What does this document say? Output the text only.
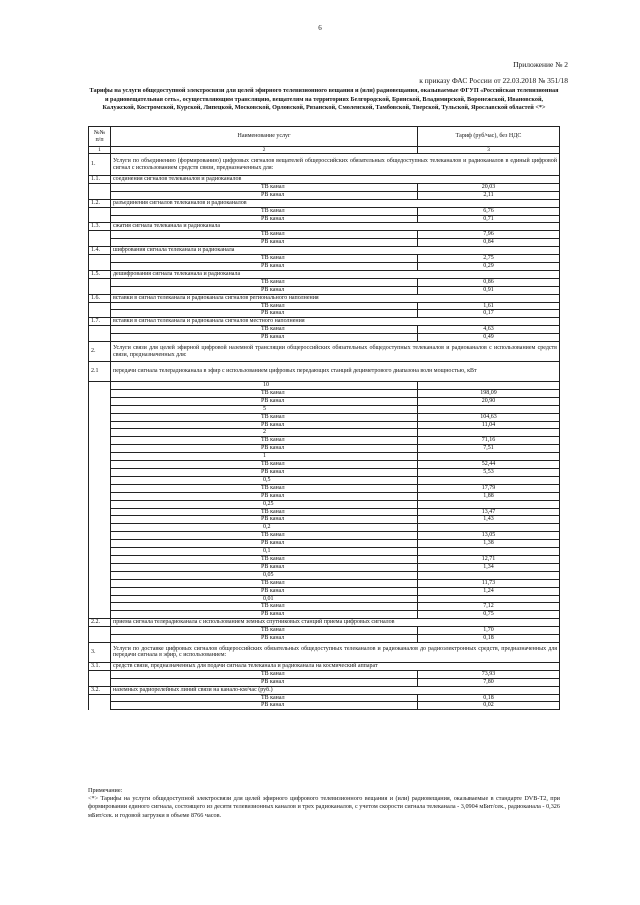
6
Приложение № 2
к приказу ФАС России от 22.03.2018 № 351/18
Тарифы на услуги общедоступной электросвязи для целей эфирного телевизионного вещания и (или) радиовещания, оказываемые ФГУП «Российская телевизионная и радиовещательная сеть», осуществляющим трансляцию, вещателям на территориях Белгородской, Брянской, Владимирской, Воронежской, Ивановской, Калужской, Костромской, Курской, Липецкой, Московской, Орловской, Рязанской, Смоленской, Тамбовской, Тверской, Тульской, Ярославской областей <*>
№№ п/п	Наименование услуг	Тариф (руб/час), без НДС
1	2	3
1.	Услуги по объединению (формированию) цифровых сигналов вещателей общероссийских обязательных общедоступных телеканалов и радиоканалов в единый цифровой сигнал с использованием средств связи, предназначенных для:	
1.1.	соединения сигналов телеканалов и радиоканалов	
	ТВ канал	20,03
	РВ канал	2,11
1.2.	разъединения сигналов телеканалов и радиоканалов	
	ТВ канал	6,76
	РВ канал	0,71
1.3.	сжатия сигнала телеканала и радиоканала	
	ТВ канал	7,96
	РВ канал	0,84
1.4.	шифрования сигнала телеканала и радиоканала	
	ТВ канал	2,75
	РВ канал	0,29
1.5.	дешифрования сигнала телеканала и радиоканала	
	ТВ канал	0,86
	РВ канал	0,91
1.6.	вставки в сигнал телеканала и радиоканала сигналов регионального наполнения	
	ТВ канал	1,61
	РВ канал	0,17
1.7.	вставки в сигнал телеканала и радиоканала сигналов местного наполнения	
	ТВ канал	4,63
	РВ канал	0,49
2.	Услуги связи для целей эфирной цифровой наземной трансляции общероссийских обязательных общедоступных телеканалов и радиоканалов с использованием средств связи, предназначенных для:	
2.1	передачи сигнала телерадиоканала в эфир с использованием цифровых передающих станций дециметрового диапазона волн мощностью, кВт	
	10	
	ТВ канал	198,09
	РВ канал	20,90
	5	
	ТВ канал	104,63
	РВ канал	11,04
	2	
	ТВ канал	71,16
	РВ канал	7,51
	1	
	ТВ канал	52,44
	РВ канал	5,53
	0,5	
	ТВ канал	17,79
	РВ канал	1,88
	0,25	
	ТВ канал	13,47
	РВ канал	1,43
	0,2	
	ТВ канал	13,05
	РВ канал	1,38
	0,1	
	ТВ канал	12,71
	РВ канал	1,34
	0,05	
	ТВ канал	11,73
	РВ канал	1,24
	0,01	
	ТВ канал	7,12
	РВ канал	0,75
2.2.	приема сигнала телерадиоканала с использованием земных спутниковых станций приема цифровых сигналов	
	ТВ канал	1,70
	РВ канал	0,18
3.	Услуги по доставке цифровых сигналов общероссийских обязательных общедоступных телеканалов и радиоканалов до радиоэлектронных средств, предназначенных для передачи сигнала в эфир, с использованием:	
3.1.	средств связи, предназначенных для подачи сигнала телеканала и радиоканала на космический аппарат	
	ТВ канал	73,93
	РВ канал	7,80
3.2.	наземных радиорелейных линий связи на канало-км/час (руб.)	
	ТВ канал	0,18
	РВ канал	0,02
Примечание:
<*> Тарифы на услуги общедоступной электросвязи для целей эфирного цифрового телевизионного вещания и (или) радиовещания, оказываемые в стандарте DVB-T2, при формировании единого сигнала, состоящего из десяти телевизионных каналов и трех радиоканалов, с учетом скорости сигнала телеканала - 3,0904 мБит/сек., радиоканала - 0,326 мБит/сек. и годовой загрузки в объеме 8766 часов.
